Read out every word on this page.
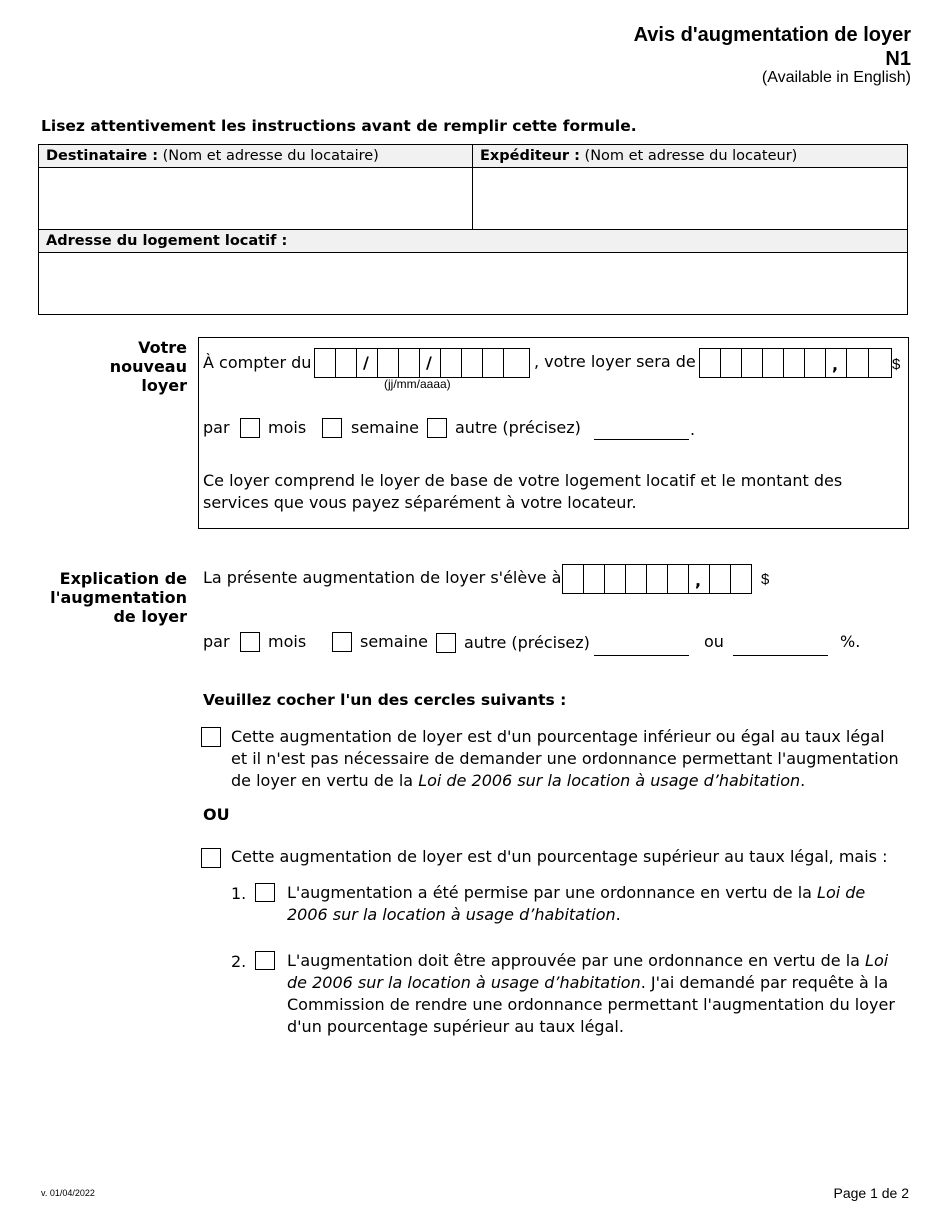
Avis d'augmentation de loyer
N1
(Available in English)
Lisez attentivement les instructions avant de remplir cette formule.
Destinataire : (Nom et adresse du locataire)	Expéditeur : (Nom et adresse du locateur)

Adresse du logement locatif :	

Votre
nouveau
loyer
À compter du	/	/
(jj/mm/aaaa)
, votre loyer sera de	,	$
par mois	semaine autre (précisez)	.
Ce loyer comprend le loyer de base de votre logement locatif et le montant des services que vous payez séparément à votre locateur.
Explication de
l'augmentation
de loyer
La présente augmentation de loyer s'élève à	,	$
par mois	semaine autre (précisez)	ou	%.
Veuillez cocher l'un des cercles suivants :
Cette augmentation de loyer est d'un pourcentage inférieur ou égal au taux légal et il n'est pas nécessaire de demander une ordonnance permettant l'augmentation de loyer en vertu de la Loi de 2006 sur la location à usage d’habitation.
OU
Cette augmentation de loyer est d'un pourcentage supérieur au taux légal, mais :
1.	L'augmentation a été permise par une ordonnance en vertu de la Loi de 2006 sur la location à usage d’habitation.
2.	L'augmentation doit être approuvée par une ordonnance en vertu de la Loi de 2006 sur la location à usage d’habitation. J'ai demandé par requête à la Commission de rendre une ordonnance permettant l'augmentation du loyer d'un pourcentage supérieur au taux légal.
v. 01/04/2022	Page 1 de 2
